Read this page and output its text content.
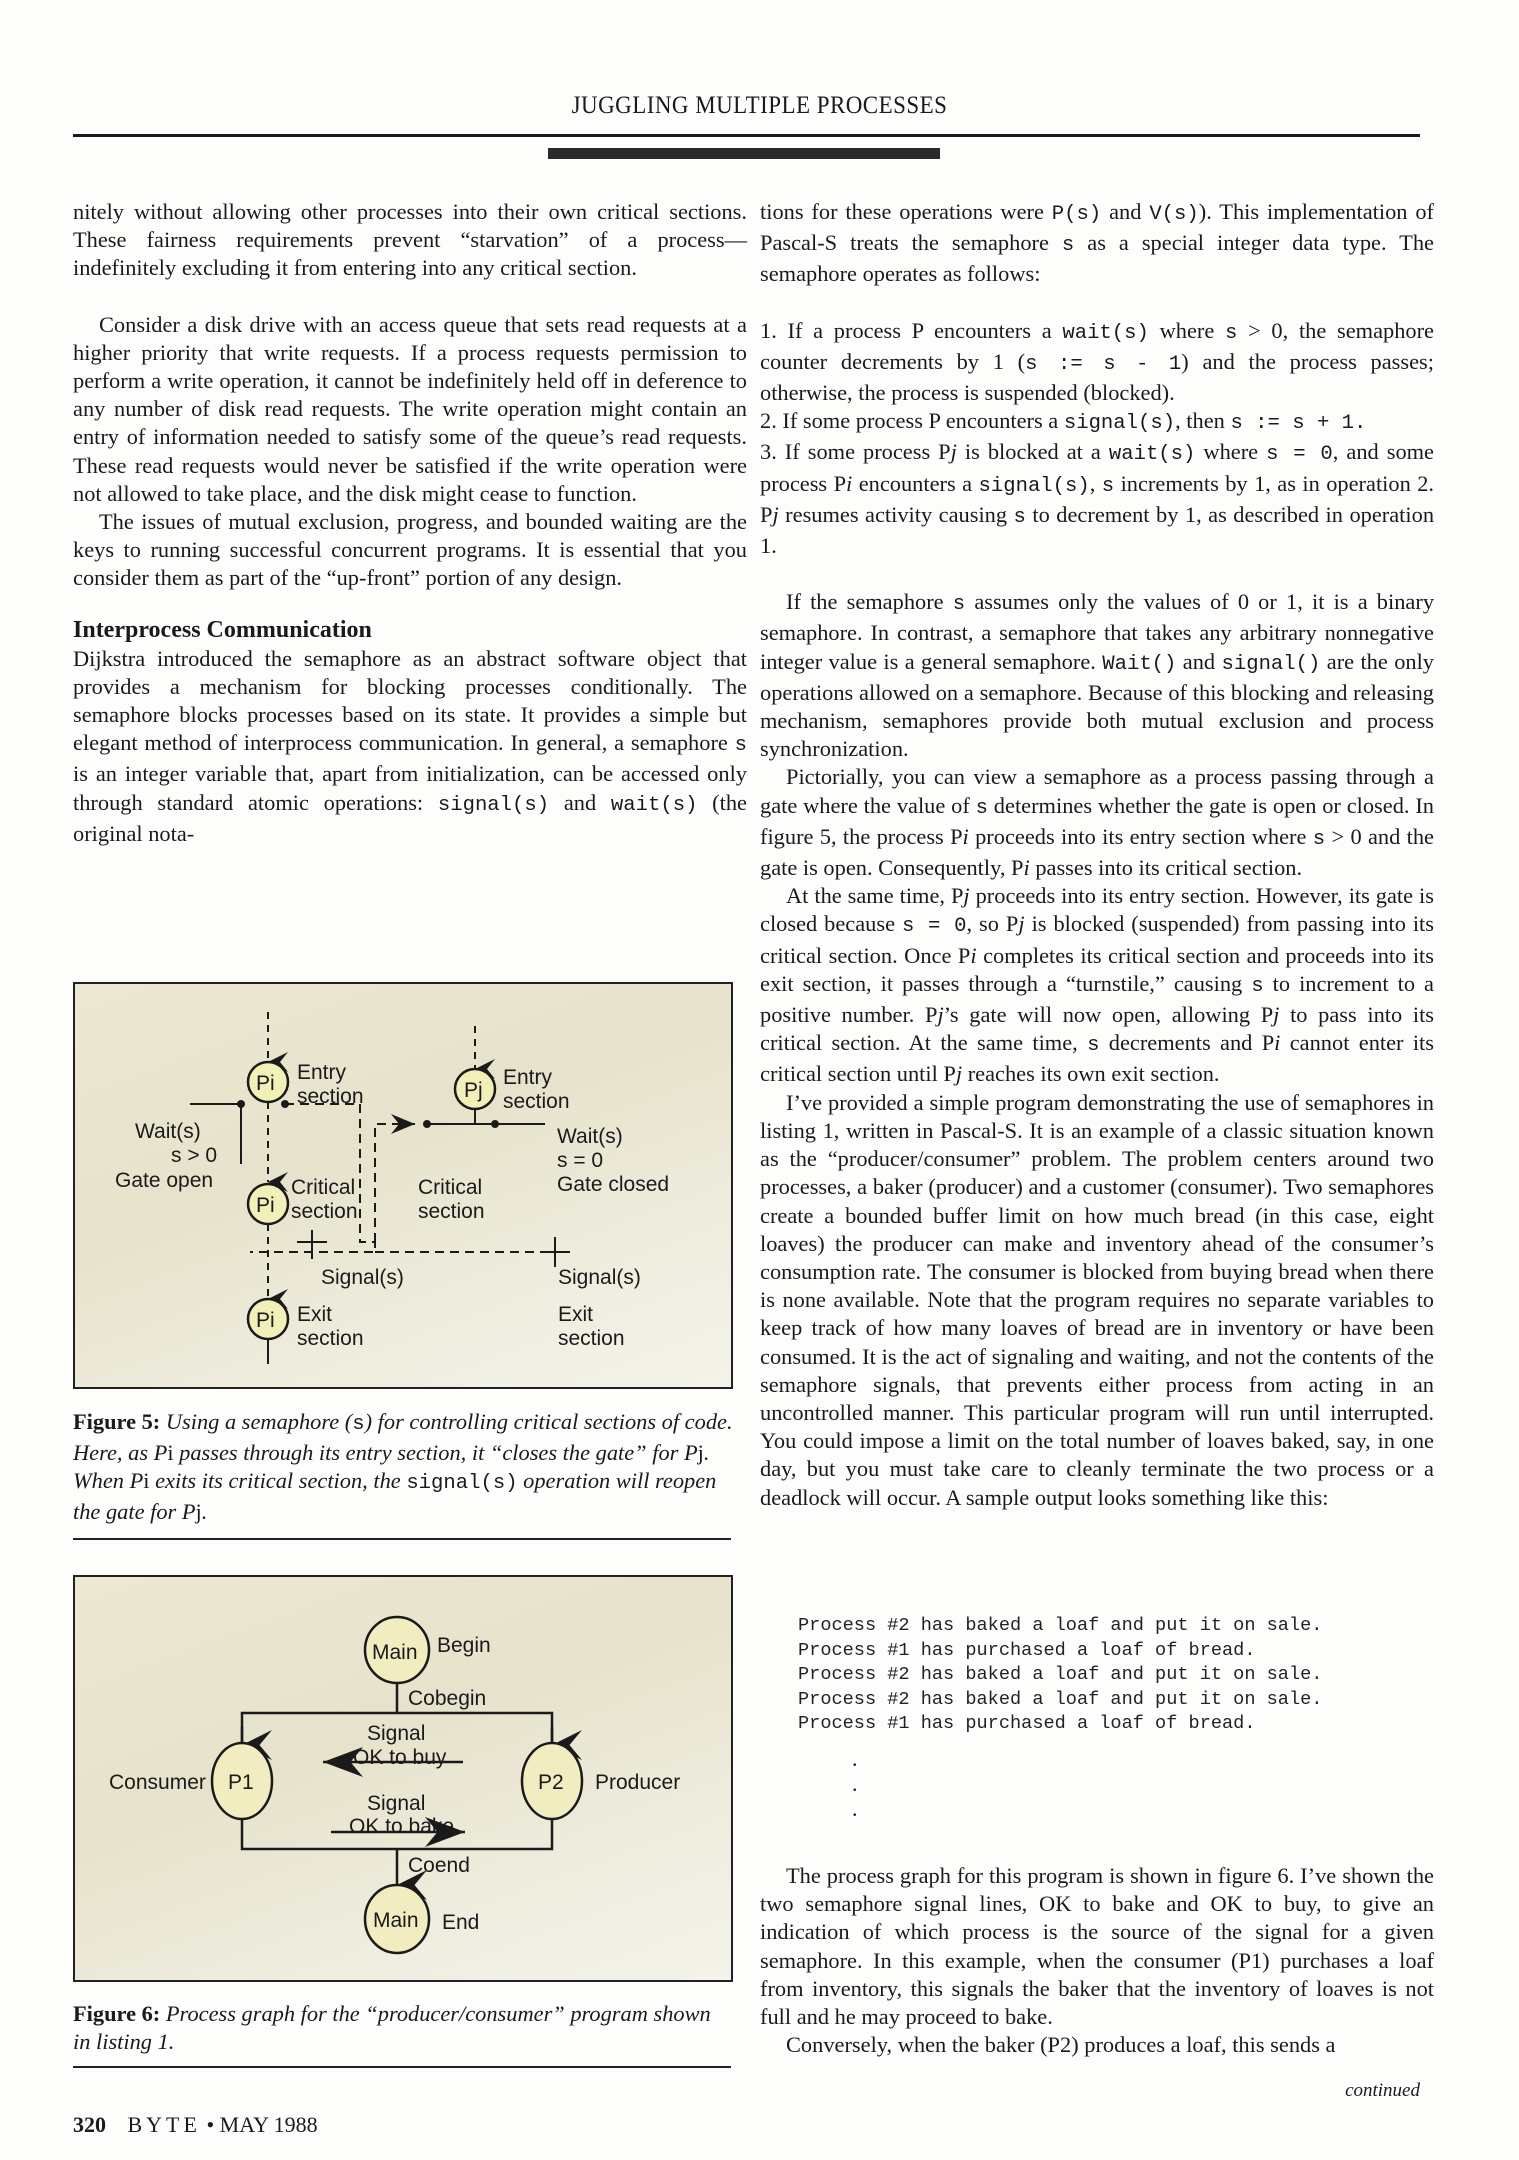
JUGGLING MULTIPLE PROCESSES

nitely without allowing other processes into their own critical sections. These fairness requirements prevent “starvation” of a process—indefinitely excluding it from entering into any critical section.

Consider a disk drive with an access queue that sets read requests at a higher priority that write requests. If a process requests permission to perform a write operation, it cannot be indefinitely held off in deference to any number of disk read requests. The write operation might contain an entry of information needed to satisfy some of the queue’s read requests. These read requests would never be satisfied if the write operation were not allowed to take place, and the disk might cease to function.

The issues of mutual exclusion, progress, and bounded waiting are the keys to running successful concurrent programs. It is essential that you consider them as part of the “up-front” portion of any design.

Interprocess Communication

Dijkstra introduced the semaphore as an abstract software object that provides a mechanism for blocking processes conditionally. The semaphore blocks processes based on its state. It provides a simple but elegant method of interprocess communication. In general, a semaphore s is an integer variable that, apart from initialization, can be accessed only through standard atomic operations: signal(s) and wait(s) (the original nota-

Pi	Pj
Pi
Pi
Entry
section
Entry
section
Wait(s)
s > 0
Gate open	Critical
section
Critical
section
Wait(s)
s = 0
Gate closed
Signal(s)	Signal(s)
Exit
section
Exit
section
Figure 5: Using a semaphore (s) for controlling critical sections of code. Here, as Pi passes through its entry section, it “closes the gate” for Pj. When Pi exits its critical section, the signal(s) operation will reopen the gate for Pj.
Main
P1	P2
Main
Begin
Cobegin
Signal
OK to buy
Signal
OK to bake
Consumer	Producer
Coend
End
Figure 6: Process graph for the “producer/consumer” program shown in listing 1.

tions for these operations were P(s) and V(s)). This implementation of Pascal-S treats the semaphore s as a special integer data type. The semaphore operates as follows:

1. If a process P encounters a wait(s) where s > 0, the semaphore counter decrements by 1 (s := s - 1) and the process passes; otherwise, the process is suspended (blocked).

2. If some process P encounters a signal(s), then s := s + 1.

3. If some process Pj is blocked at a wait(s) where s = 0, and some process Pi encounters a signal(s), s increments by 1, as in operation 2. Pj resumes activity causing s to decrement by 1, as described in operation 1.

If the semaphore s assumes only the values of 0 or 1, it is a binary semaphore. In contrast, a semaphore that takes any arbitrary nonnegative integer value is a general semaphore. Wait() and signal() are the only operations allowed on a semaphore. Because of this blocking and releasing mechanism, semaphores provide both mutual exclusion and process synchronization.

Pictorially, you can view a semaphore as a process passing through a gate where the value of s determines whether the gate is open or closed. In figure 5, the process Pi proceeds into its entry section where s > 0 and the gate is open. Consequently, Pi passes into its critical section.

At the same time, Pj proceeds into its entry section. However, its gate is closed because s = 0, so Pj is blocked (suspended) from passing into its critical section. Once Pi completes its critical section and proceeds into its exit section, it passes through a “turnstile,” causing s to increment to a positive number. Pj’s gate will now open, allowing Pj to pass into its critical section. At the same time, s decrements and Pi cannot enter its critical section until Pj reaches its own exit section.

I’ve provided a simple program demonstrating the use of semaphores in listing 1, written in Pascal-S. It is an example of a classic situation known as the “producer/consumer” problem. The problem centers around two processes, a baker (producer) and a customer (consumer). Two semaphores create a bounded buffer limit on how much bread (in this case, eight loaves) the producer can make and inventory ahead of the consumer’s consumption rate. The consumer is blocked from buying bread when there is none available. Note that the program requires no separate variables to keep track of how many loaves of bread are in inventory or have been consumed. It is the act of signaling and waiting, and not the contents of the semaphore signals, that prevents either process from acting in an uncontrolled manner. This particular program will run until interrupted. You could impose a limit on the total number of loaves baked, say, in one day, but you must take care to cleanly terminate the two process or a deadlock will occur. A sample output looks something like this:

Process #2 has baked a loaf and put it on sale.
Process #1 has purchased a loaf of bread.
Process #2 has baked a loaf and put it on sale.
Process #2 has baked a loaf and put it on sale.
Process #1 has purchased a loaf of bread.
.
.
.

The process graph for this program is shown in figure 6. I’ve shown the two semaphore signal lines, OK to bake and OK to buy, to give an indication of which process is the source of the signal for a given semaphore. In this example, when the consumer (P1) purchases a loaf from inventory, this signals the baker that the inventory of loaves is not full and he may proceed to bake.

Conversely, when the baker (P2) produces a loaf, this sends a

continued
320 BYTE • MAY 1988
